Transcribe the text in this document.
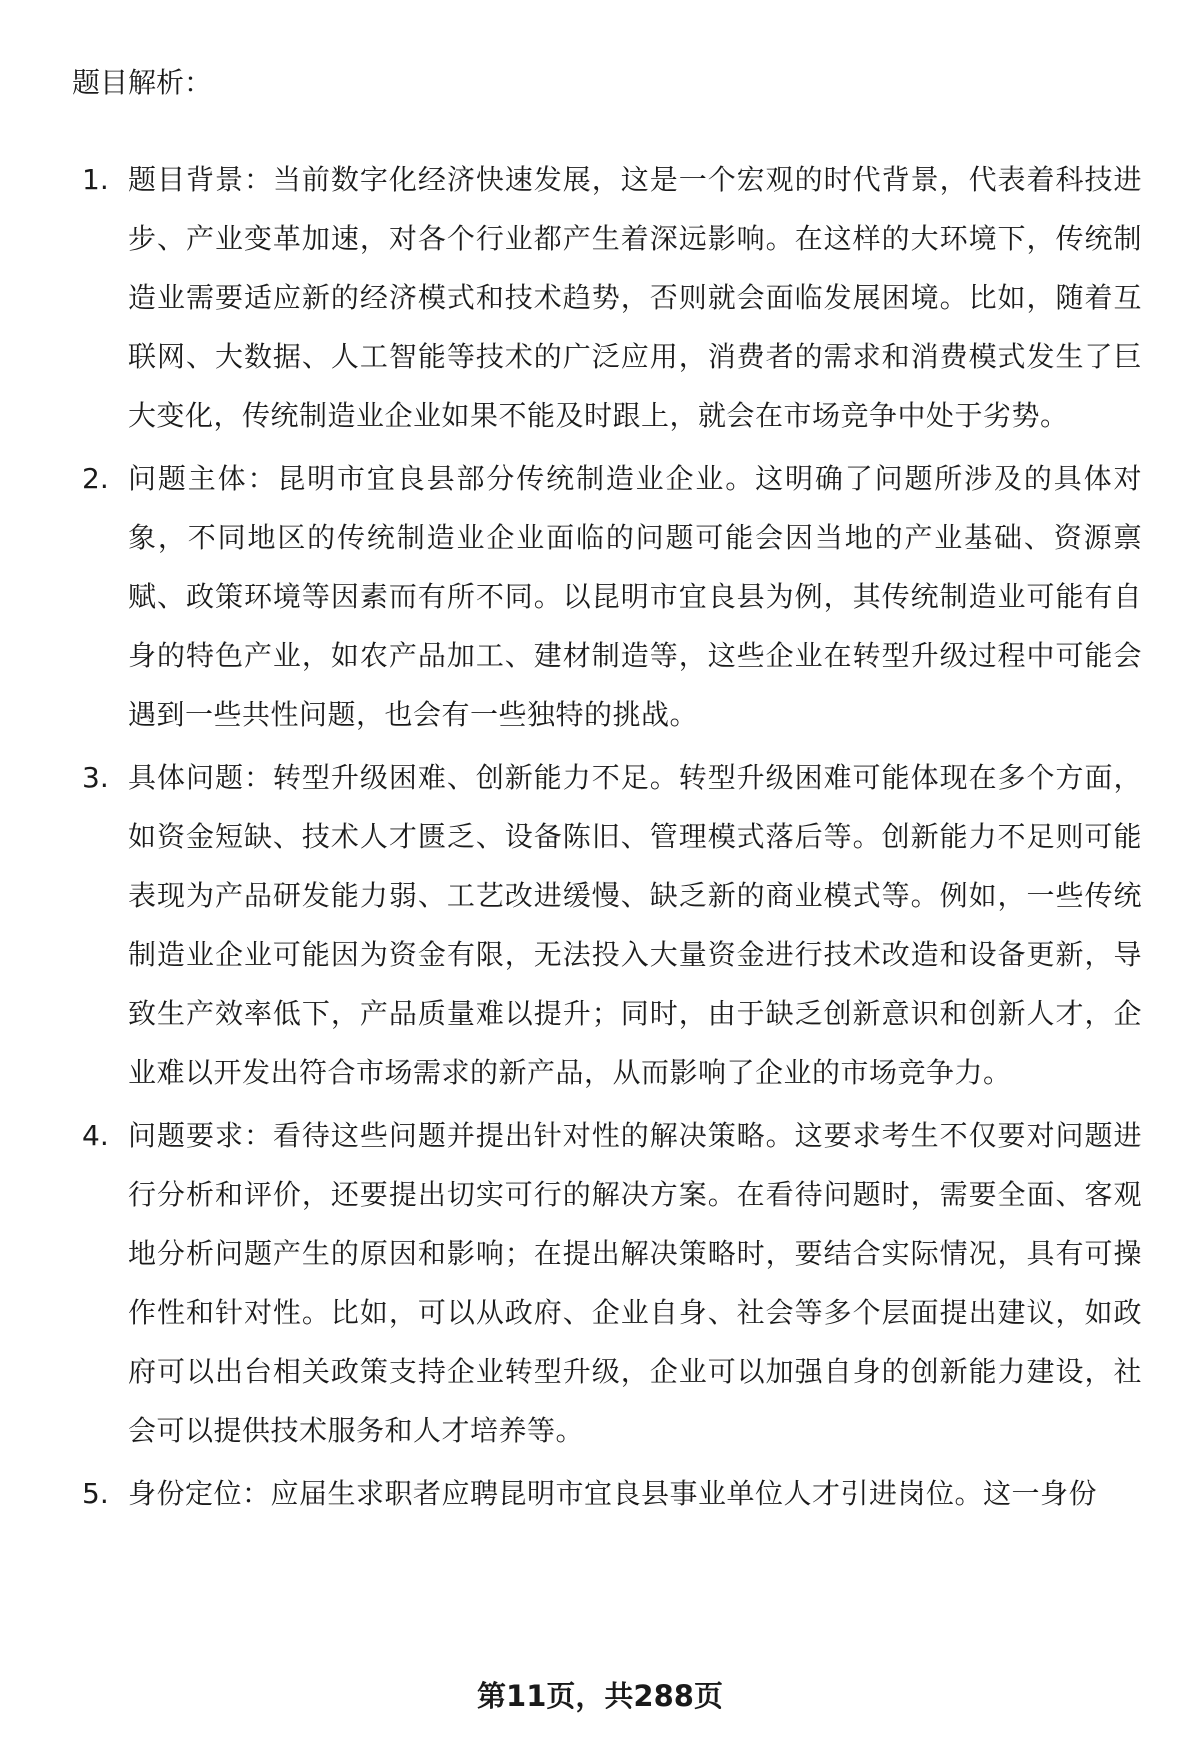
题目解析：
1. 题目背景：当前数字化经济快速发展，这是一个宏观的时代背景，代表着科技进步、产业变革加速，对各个行业都产生着深远影响。在这样的大环境下，传统制造业需要适应新的经济模式和技术趋势，否则就会面临发展困境。比如，随着互联网、大数据、人工智能等技术的广泛应用，消费者的需求和消费模式发生了巨大变化，传统制造业企业如果不能及时跟上，就会在市场竞争中处于劣势。
2. 问题主体：昆明市宜良县部分传统制造业企业。这明确了问题所涉及的具体对象，不同地区的传统制造业企业面临的问题可能会因当地的产业基础、资源禀赋、政策环境等因素而有所不同。以昆明市宜良县为例，其传统制造业可能有自身的特色产业，如农产品加工、建材制造等，这些企业在转型升级过程中可能会遇到一些共性问题，也会有一些独特的挑战。
3. 具体问题：转型升级困难、创新能力不足。转型升级困难可能体现在多个方面，如资金短缺、技术人才匮乏、设备陈旧、管理模式落后等。创新能力不足则可能表现为产品研发能力弱、工艺改进缓慢、缺乏新的商业模式等。例如，一些传统制造业企业可能因为资金有限，无法投入大量资金进行技术改造和设备更新，导致生产效率低下，产品质量难以提升；同时，由于缺乏创新意识和创新人才，企业难以开发出符合市场需求的新产品，从而影响了企业的市场竞争力。
4. 问题要求：看待这些问题并提出针对性的解决策略。这要求考生不仅要对问题进行分析和评价，还要提出切实可行的解决方案。在看待问题时，需要全面、客观地分析问题产生的原因和影响；在提出解决策略时，要结合实际情况，具有可操作性和针对性。比如，可以从政府、企业自身、社会等多个层面提出建议，如政府可以出台相关政策支持企业转型升级，企业可以加强自身的创新能力建设，社会可以提供技术服务和人才培养等。
5. 身份定位：应届生求职者应聘昆明市宜良县事业单位人才引进岗位。这一身份
第11页，共288页
